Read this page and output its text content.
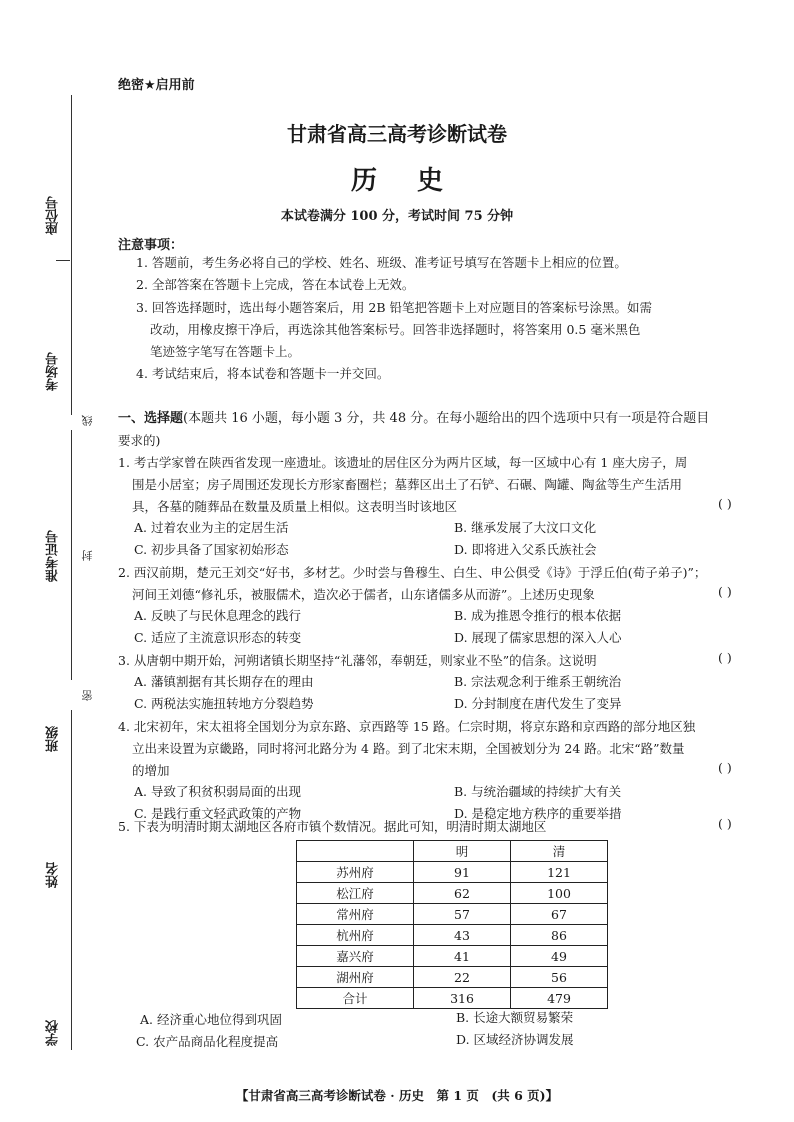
座位号
考场号
线
准考证号 封
密
班级
姓名
学校
绝密★启用前
甘肃省高三高考诊断试卷
历史
本试卷满分 100 分，考试时间 75 分钟
注意事项：
1. 答题前，考生务必将自己的学校、姓名、班级、准考证号填写在答题卡上相应的位置。
2. 全部答案在答题卡上完成，答在本试卷上无效。
3. 回答选择题时，选出每小题答案后，用 2B 铅笔把答题卡上对应题目的答案标号涂黑。如需
改动，用橡皮擦干净后，再选涂其他答案标号。回答非选择题时，将答案用 0.5 毫米黑色
笔迹签字笔写在答题卡上。
4. 考试结束后，将本试卷和答题卡一并交回。
一、选择题(本题共 16 小题，每小题 3 分，共 48 分。在每小题给出的四个选项中只有一项是符合题目
要求的)
1. 考古学家曾在陕西省发现一座遗址。该遗址的居住区分为两片区域，每一区域中心有 1 座大房子，周
围是小居室；房子周围还发现长方形家畜圈栏；墓葬区出土了石铲、石碾、陶罐、陶盆等生产生活用
具，各墓的随葬品在数量及质量上相似。这表明当时该地区	( )
A. 过着农业为主的定居生活	B. 继承发展了大汶口文化
C. 初步具备了国家初始形态	D. 即将进入父系氏族社会
2. 西汉前期，楚元王刘交“好书，多材艺。少时尝与鲁穆生、白生、申公俱受《诗》于浮丘伯(荀子弟子)”；
河间王刘德“修礼乐，被服儒术，造次必于儒者，山东诸儒多从而游”。上述历史现象	( )
A. 反映了与民休息理念的践行	B. 成为推恩令推行的根本依据
C. 适应了主流意识形态的转变	D. 展现了儒家思想的深入人心
3. 从唐朝中期开始，河朔诸镇长期坚持“礼藩邻，奉朝廷，则家业不坠”的信条。这说明	( )
A. 藩镇割据有其长期存在的理由	B. 宗法观念利于维系王朝统治
C. 两税法实施扭转地方分裂趋势	D. 分封制度在唐代发生了变异
4. 北宋初年，宋太祖将全国划分为京东路、京西路等 15 路。仁宗时期，将京东路和京西路的部分地区独
立出来设置为京畿路，同时将河北路分为 4 路。到了北宋末期，全国被划分为 24 路。北宋“路”数量
的增加	( )
A. 导致了积贫积弱局面的出现	B. 与统治疆域的持续扩大有关
C. 是践行重文轻武政策的产物	D. 是稳定地方秩序的重要举措
5. 下表为明清时期太湖地区各府市镇个数情况。据此可知，明清时期太湖地区	( )
	明	清
苏州府	91	121
松江府	62	100
常州府	57	67
杭州府	43	86
嘉兴府	41	49
湖州府	22	56
合计	316	479
A. 经济重心地位得到巩固	B. 长途大额贸易繁荣
C. 农产品商品化程度提高	D. 区域经济协调发展
【甘肃省高三高考诊断试卷 · 历史　第 1 页　(共 6 页)】
